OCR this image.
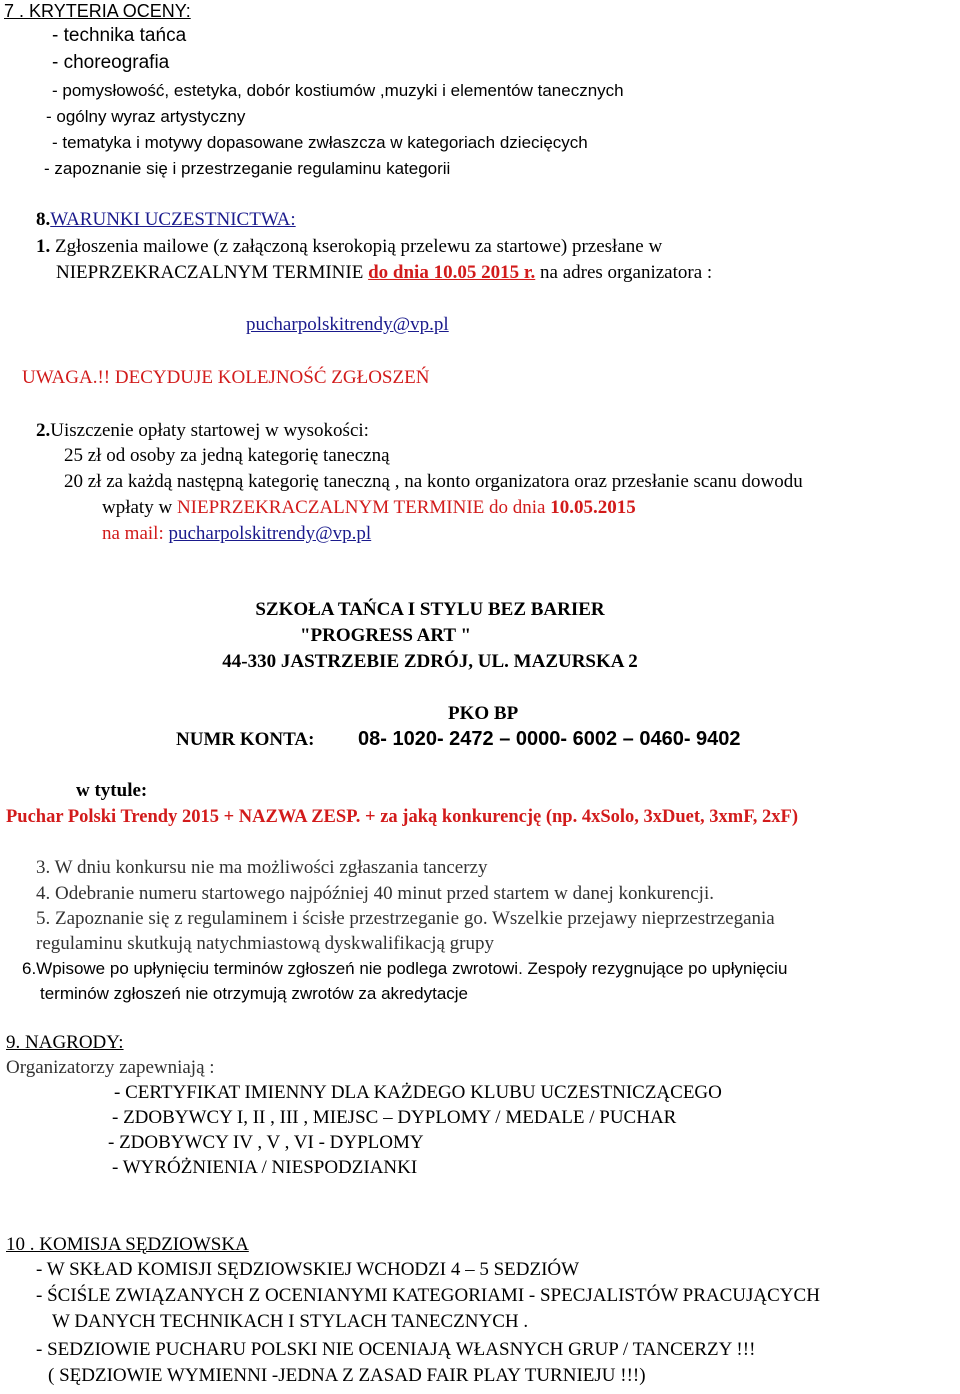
7 . KRYTERIA OCENY:
- technika tańca
- choreografia
- pomysłowość, estetyka, dobór kostiumów ,muzyki i elementów tanecznych
- ogólny wyraz artystyczny
- tematyka i motywy dopasowane zwłaszcza w kategoriach dziecięcych
- zapoznanie się i przestrzeganie regulaminu kategorii
8.WARUNKI UCZESTNICTWA:
1. Zgłoszenia mailowe (z załączoną kserokopią przelewu za startowe) przesłane w
NIEPRZEKRACZALNYM TERMINIE do dnia 10.05 2015 r. na adres organizatora :
pucharpolskitrendy@vp.pl
UWAGA.!! DECYDUJE KOLEJNOŚĆ ZGŁOSZEŃ
2.Uiszczenie opłaty startowej w wysokości:
25 zł od osoby za jedną kategorię taneczną
20 zł za każdą następną kategorię taneczną , na konto organizatora oraz przesłanie scanu dowodu
wpłaty w NIEPRZEKRACZALNYM TERMINIE do dnia 10.05.2015
na mail: pucharpolskitrendy@vp.pl
SZKOŁA TAŃCA I STYLU BEZ BARIER
"PROGRESS ART "
44-330 JASTRZEBIE ZDRÓJ, UL. MAZURSKA 2
PKO BP
NUMR KONTA: 08- 1020- 2472 – 0000- 6002 – 0460- 9402
w tytule:
Puchar Polski Trendy 2015 + NAZWA ZESP. + za jaką konkurencję (np. 4xSolo, 3xDuet, 3xmF, 2xF)
3. W dniu konkursu nie ma możliwości zgłaszania tancerzy
4. Odebranie numeru startowego najpóźniej 40 minut przed startem w danej konkurencji.
5. Zapoznanie się z regulaminem i ścisłe przestrzeganie go. Wszelkie przejawy nieprzestrzegania
regulaminu skutkują natychmiastową dyskwalifikacją grupy
6.Wpisowe po upłynięciu terminów zgłoszeń nie podlega zwrotowi. Zespoły rezygnujące po upłynięciu
terminów zgłoszeń nie otrzymują zwrotów za akredytacje
9. NAGRODY:
Organizatorzy zapewniają :
- CERTYFIKAT IMIENNY DLA KAŻDEGO KLUBU UCZESTNICZĄCEGO
- ZDOBYWCY I, II , III , MIEJSC – DYPLOMY / MEDALE / PUCHAR
- ZDOBYWCY IV , V , VI - DYPLOMY
- WYRÓŻNIENIA / NIESPODZIANKI
10 . KOMISJA SĘDZIOWSKA
- W SKŁAD KOMISJI SĘDZIOWSKIEJ WCHODZI 4 – 5 SEDZIÓW
- ŚCIŚLE ZWIĄZANYCH Z OCENIANYMI KATEGORIAMI - SPECJALISTÓW PRACUJĄCYCH
W DANYCH TECHNIKACH I STYLACH TANECZNYCH .
- SEDZIOWIE PUCHARU POLSKI NIE OCENIAJĄ WŁASNYCH GRUP / TANCERZY !!!
( SĘDZIOWIE WYMIENNI -JEDNA Z ZASAD FAIR PLAY TURNIEJU !!!)
